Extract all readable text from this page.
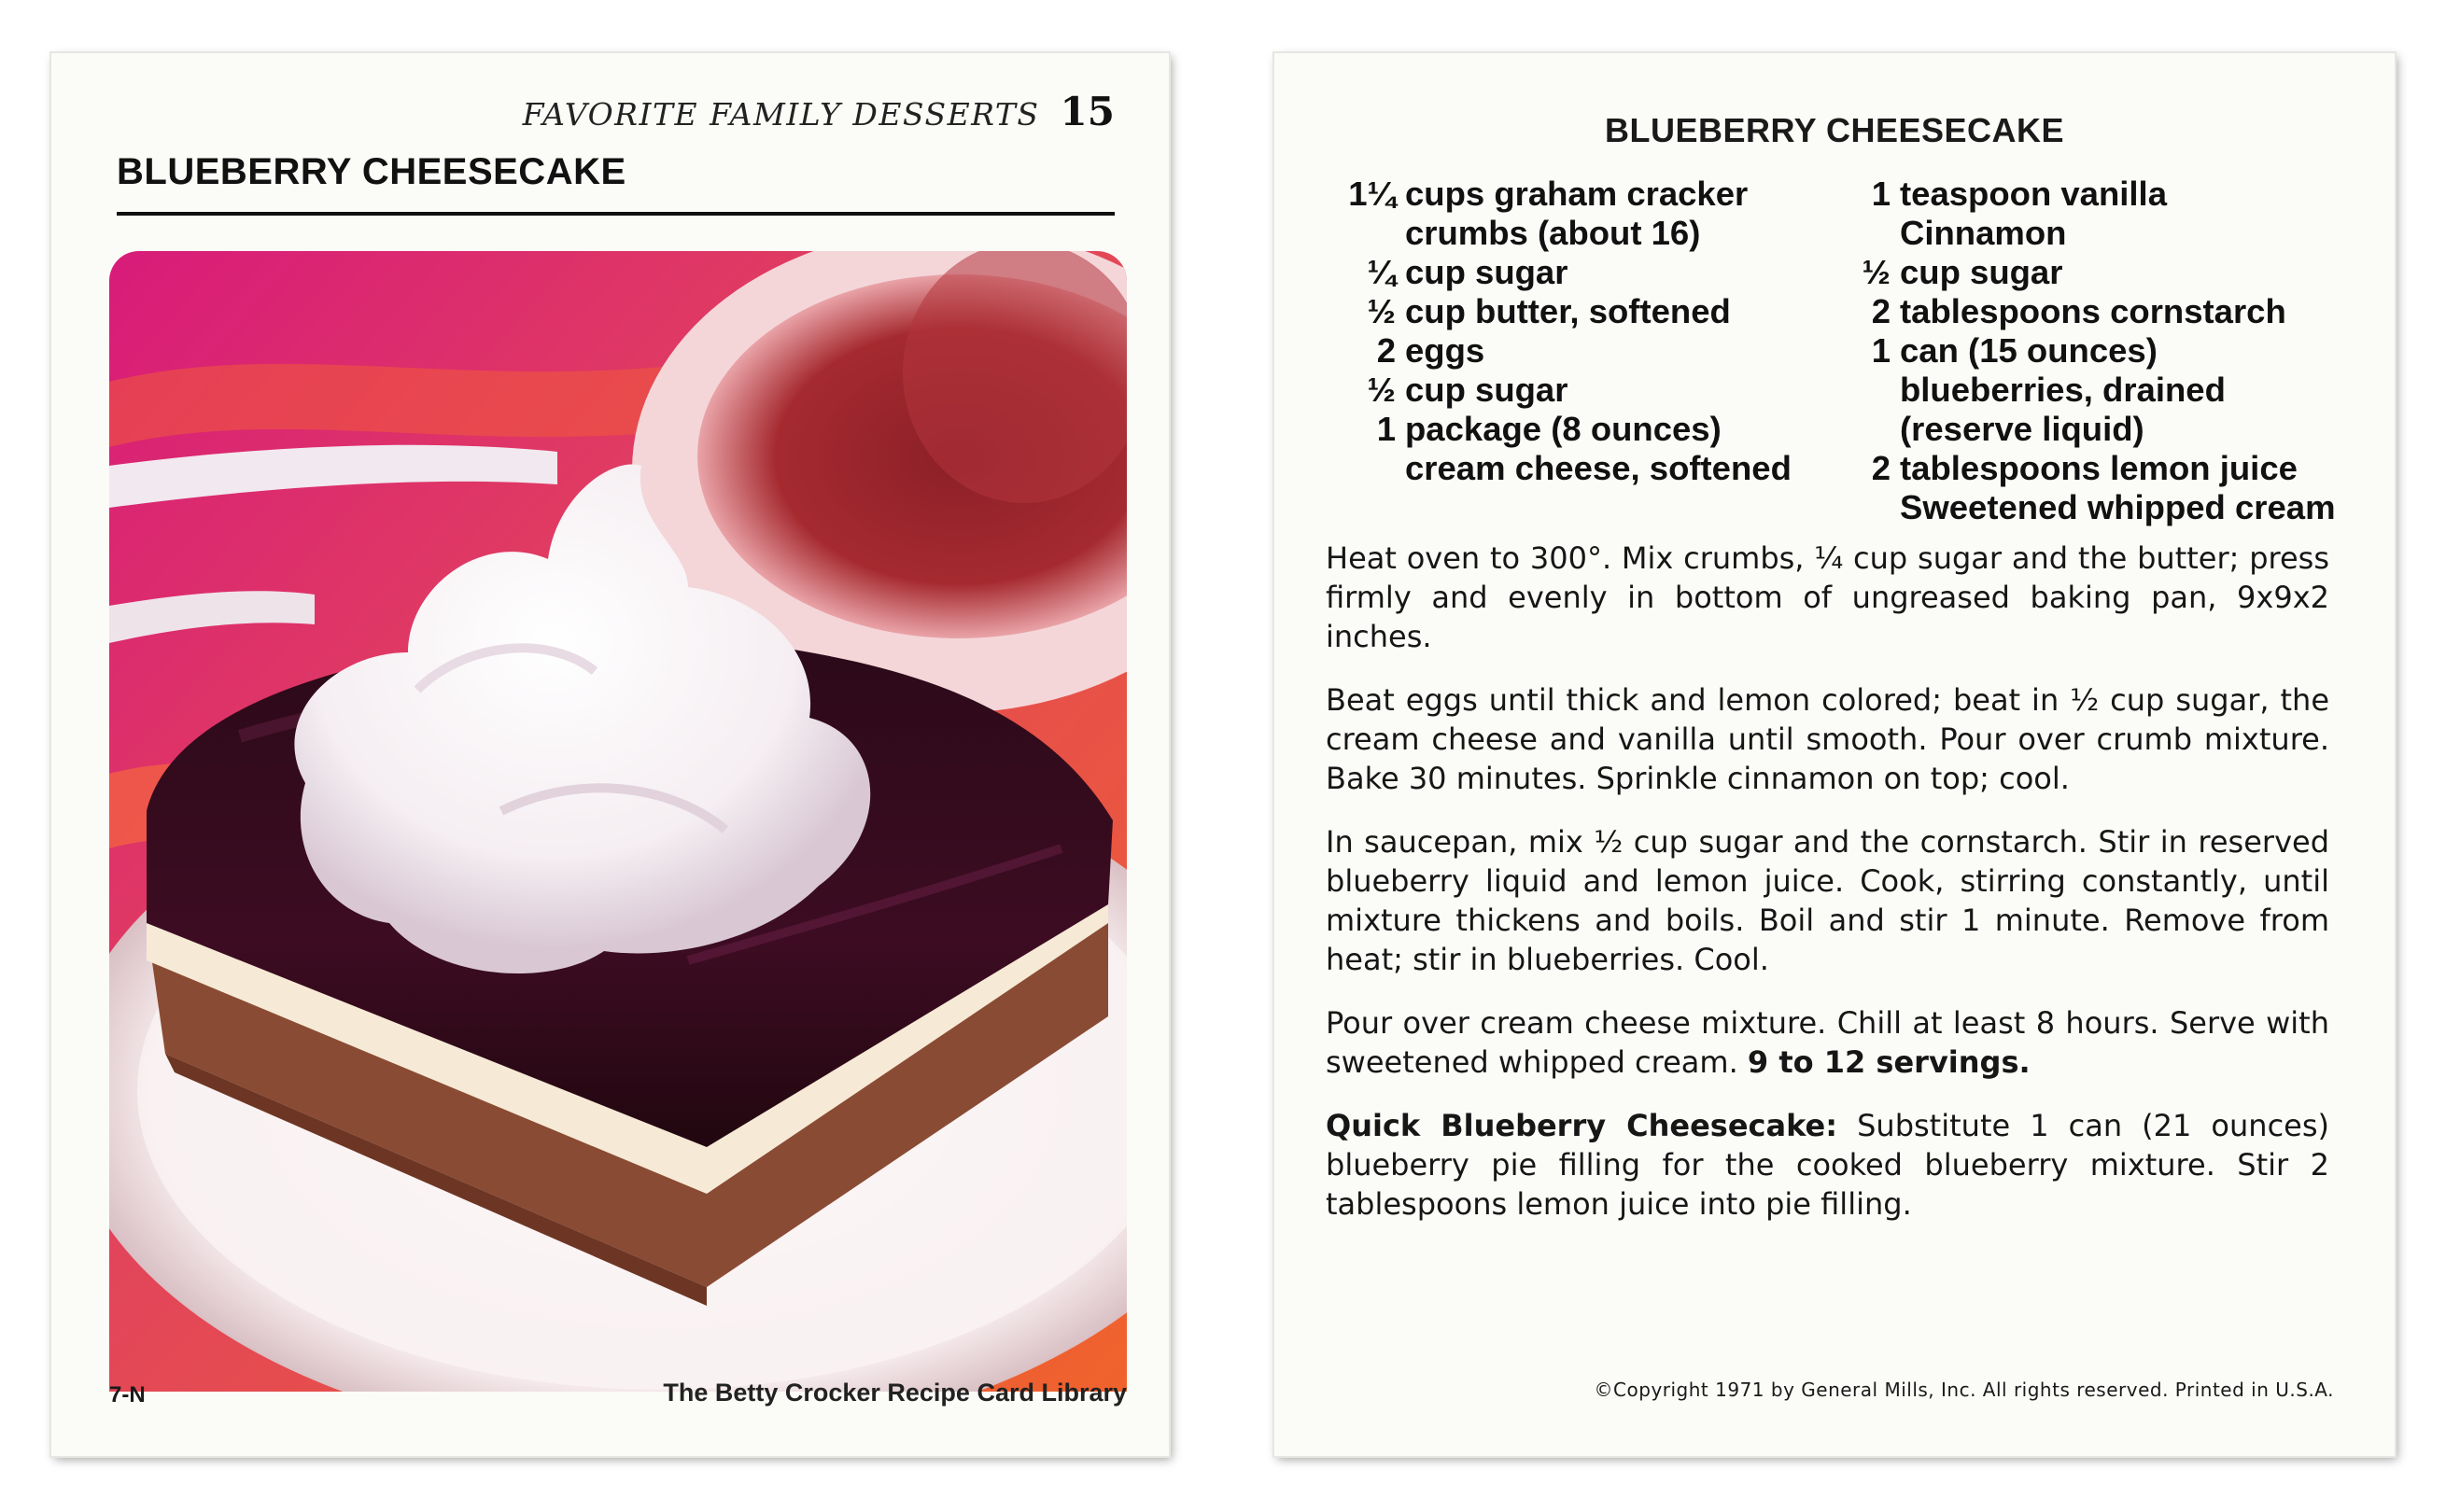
FAVORITE FAMILY DESSERTS 15
BLUEBERRY CHEESECAKE
7-N	The Betty Crocker Recipe Card Library
BLUEBERRY CHEESECAKE
1¼ cups graham cracker crumbs (about 16)
¼ cup sugar
½ cup butter, softened
2 eggs
½ cup sugar
1 package (8 ounces) cream cheese, softened
1 teaspoon vanilla
Cinnamon
½ cup sugar
2 tablespoons cornstarch
1 can (15 ounces) blueberries, drained (reserve liquid)
2 tablespoons lemon juice
Sweetened whipped cream

Heat oven to 300°. Mix crumbs, ¼ cup sugar and the butter; press firmly and evenly in bottom of ungreased baking pan, 9x9x2 inches.

Beat eggs until thick and lemon colored; beat in ½ cup sugar, the cream cheese and vanilla until smooth. Pour over crumb mixture. Bake 30 minutes. Sprinkle cinnamon on top; cool.

In saucepan, mix ½ cup sugar and the cornstarch. Stir in reserved blueberry liquid and lemon juice. Cook, stirring constantly, until mixture thickens and boils. Boil and stir 1 minute. Remove from heat; stir in blueberries. Cool.

Pour over cream cheese mixture. Chill at least 8 hours. Serve with sweetened whipped cream. 9 to 12 servings.

Quick Blueberry Cheesecake: Substitute 1 can (21 ounces) blueberry pie filling for the cooked blueberry mixture. Stir 2 tablespoons lemon juice into pie filling.

©Copyright 1971 by General Mills, Inc. All rights reserved. Printed in U.S.A.
